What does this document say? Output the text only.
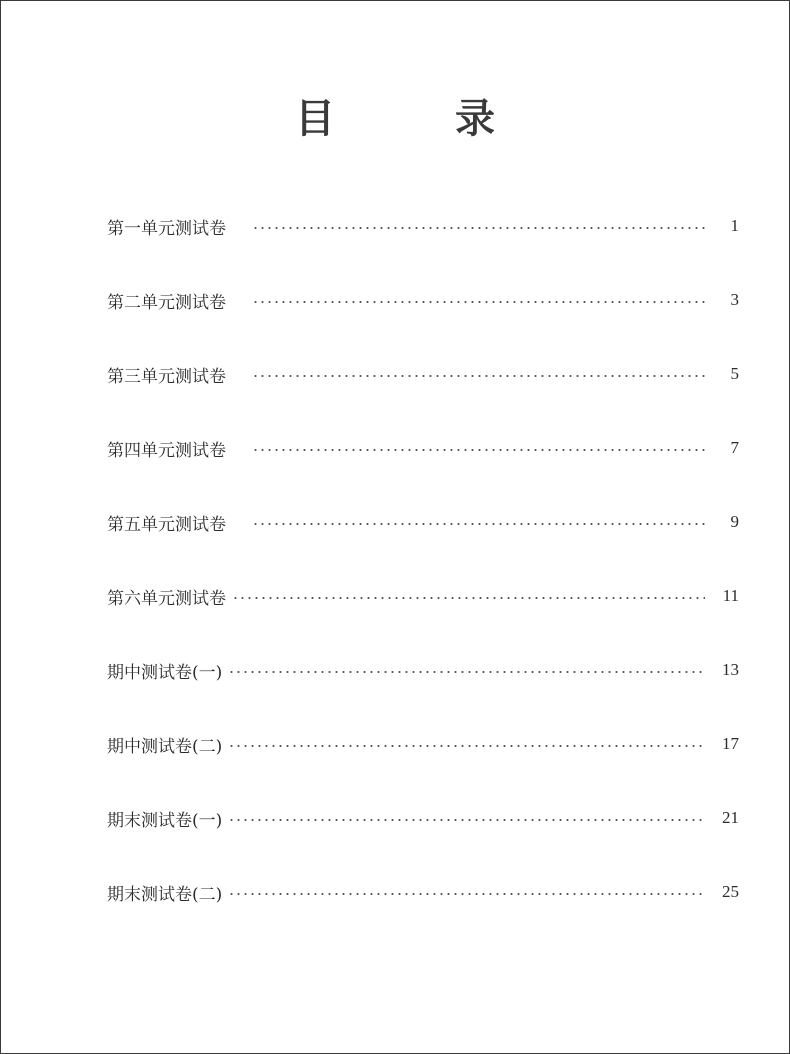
目　录
第一单元测试卷	1
第二单元测试卷	3
第三单元测试卷	5
第四单元测试卷	7
第五单元测试卷	9
第六单元测试卷	11
期中测试卷(一)	13
期中测试卷(二)	17
期末测试卷(一)	21
期末测试卷(二)	25
